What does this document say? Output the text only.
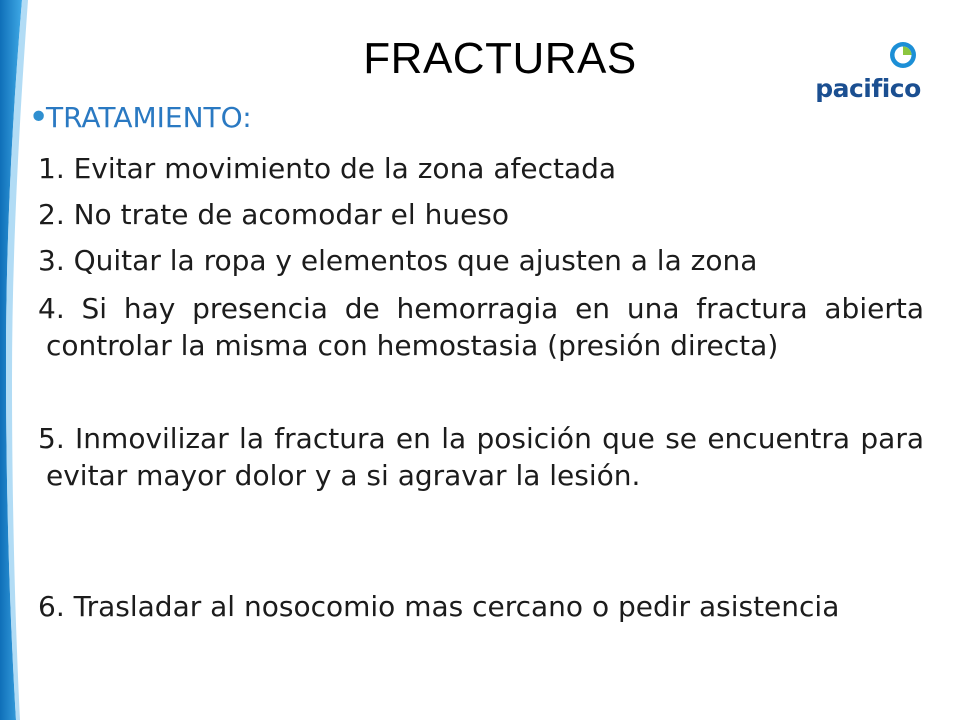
FRACTURAS
pacifico
•
TRATAMIENTO:
1. Evitar movimiento de la zona afectada
2. No trate de acomodar el hueso
3. Quitar la ropa y elementos que ajusten a la zona
4. Si hay presencia de hemorragia en una fractura abierta controlar la misma con hemostasia (presión directa)
5. Inmovilizar la fractura en la posición que se encuentra para evitar mayor dolor y a si agravar la lesión.
6. Trasladar al nosocomio mas cercano o pedir asistencia
